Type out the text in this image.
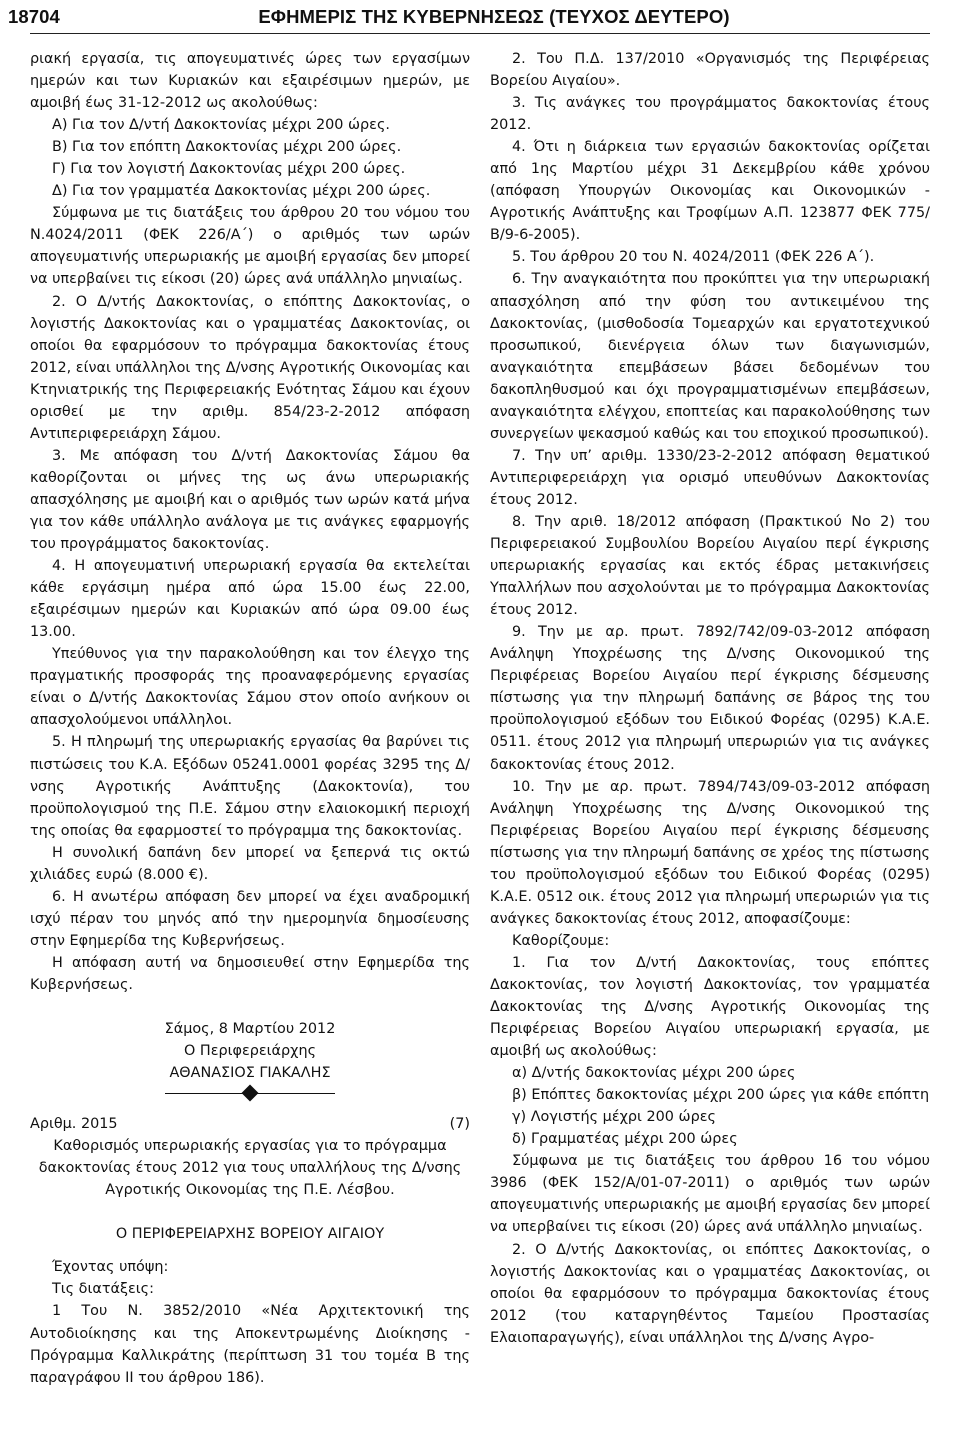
18704	ΕΦΗΜΕΡΙΣ ΤΗΣ ΚΥΒΕΡΝΗΣΕΩΣ (ΤΕΥΧΟΣ ΔΕΥΤΕΡΟ)

ριακή εργασία, τις απογευματινές ώρες των εργασίμων ημερών και των Κυριακών και εξαιρέσιμων ημερών, με αμοιβή έως 31-12-2012 ως ακολούθως:

Α) Για τον Δ/ντή Δακοκτονίας μέχρι 200 ώρες.

Β) Για τον επόπτη Δακοκτονίας μέχρι 200 ώρες.

Γ) Για τον λογιστή Δακοκτονίας μέχρι 200 ώρες.

Δ) Για τον γραμματέα Δακοκτονίας μέχρι 200 ώρες.

Σύμφωνα με τις διατάξεις του άρθρου 20 του νόμου του Ν.4024/2011 (ΦΕΚ 226/Α΄) ο αριθμός των ωρών απογευματινής υπερωριακής με αμοιβή εργασίας δεν μπορεί να υπερβαίνει τις είκοσι (20) ώρες ανά υπάλληλο μηνιαίως.

2. Ο Δ/ντής Δακοκτονίας, ο επόπτης Δακοκτονίας, ο λογιστής Δακοκτονίας και ο γραμματέας Δακοκτονίας, οι οποίοι θα εφαρμόσουν το πρόγραμμα δακοκτονίας έτους 2012, είναι υπάλληλοι της Δ/νσης Αγροτικής Οικονομίας και Κτηνιατρικής της Περιφερειακής Ενότητας Σάμου και έχουν ορισθεί με την αριθμ. 854/23-2-2012 απόφαση Αντιπεριφερειάρχη Σάμου.

3. Με απόφαση του Δ/ντή Δακοκτονίας Σάμου θα καθορίζονται οι μήνες της ως άνω υπερωριακής απασχόλησης με αμοιβή και ο αριθμός των ωρών κατά μήνα για τον κάθε υπάλληλο ανάλογα με τις ανάγκες εφαρμογής του προγράμματος δακοκτονίας.

4. Η απογευματινή υπερωριακή εργασία θα εκτελείται κάθε εργάσιμη ημέρα από ώρα 15.00 έως 22.00, εξαιρέσιμων ημερών και Κυριακών από ώρα 09.00 έως 13.00.

Υπεύθυνος για την παρακολούθηση και τον έλεγχο της πραγματικής προσφοράς της προαναφερόμενης εργασίας είναι ο Δ/ντής Δακοκτονίας Σάμου στον οποίο ανήκουν οι απασχολούμενοι υπάλληλοι.

5. Η πληρωμή της υπερωριακής εργασίας θα βαρύνει τις πιστώσεις του Κ.Α. Εξόδων 05241.0001 φορέας 3295 της Δ/νσης Αγροτικής Ανάπτυξης (Δακοκτονία), του προϋπολογισμού της Π.Ε. Σάμου στην ελαιοκομική περιοχή της οποίας θα εφαρμοστεί το πρόγραμμα της δακοκτονίας.

Η συνολική δαπάνη δεν μπορεί να ξεπερνά τις οκτώ χιλιάδες ευρώ (8.000 €).

6. Η ανωτέρω απόφαση δεν μπορεί να έχει αναδρομική ισχύ πέραν του μηνός από την ημερομηνία δημοσίευσης στην Εφημερίδα της Κυβερνήσεως.

Η απόφαση αυτή να δημοσιευθεί στην Εφημερίδα της Κυβερνήσεως.

Σάμος, 8 Μαρτίου 2012

Ο Περιφερειάρχης

ΑΘΑΝΑΣΙΟΣ ΓΙΑΚΑΛΗΣ

Αριθμ. 2015	(7)

Καθορισμός υπερωριακής εργασίας για το πρόγραμμα δακοκτονίας έτους 2012 για τους υπαλλήλους της Δ/νσης Αγροτικής Οικονομίας της Π.Ε. Λέσβου.

Ο ΠΕΡΙΦΕΡΕΙΑΡΧΗΣ ΒΟΡΕΙΟΥ ΑΙΓΑΙΟΥ

Έχοντας υπόψη:

Τις διατάξεις:

1 Του Ν. 3852/2010 «Νέα Αρχιτεκτονική της Αυτοδιοίκησης και της Αποκεντρωμένης Διοίκησης - Πρόγραμμα Καλλικράτης (περίπτωση 31 του τομέα Β της παραγράφου ΙΙ του άρθρου 186).

2. Του Π.Δ. 137/2010 «Οργανισμός της Περιφέρειας Βορείου Αιγαίου».

3. Τις ανάγκες του προγράμματος δακοκτονίας έτους 2012.

4. Ότι η διάρκεια των εργασιών δακοκτονίας ορίζεται από 1ης Μαρτίου μέχρι 31 Δεκεμβρίου κάθε χρόνου (απόφαση Υπουργών Οικονομίας και Οικονομικών - Αγροτικής Ανάπτυξης και Τροφίμων Α.Π. 123877 ΦΕΚ 775/Β/9-6-2005).

5. Του άρθρου 20 του Ν. 4024/2011 (ΦΕΚ 226 Α΄).

6. Την αναγκαιότητα που προκύπτει για την υπερωριακή απασχόληση από την φύση του αντικειμένου της Δακοκτονίας, (μισθοδοσία Τομεαρχών και εργατοτεχνικού προσωπικού, διενέργεια όλων των διαγωνισμών, αναγκαιότητα επεμβάσεων βάσει δεδομένων του δακοπληθυσμού και όχι προγραμματισμένων επεμβάσεων, αναγκαιότητα ελέγχου, εποπτείας και παρακολούθησης των συνεργείων ψεκασμού καθώς και του εποχικού προσωπικού).

7. Την υπ’ αριθμ. 1330/23-2-2012 απόφαση θεματικού Αντιπεριφερειάρχη για ορισμό υπευθύνων Δακοκτονίας έτους 2012.

8. Την αριθ. 18/2012 απόφαση (Πρακτικού Νο 2) του Περιφερειακού Συμβουλίου Βορείου Αιγαίου περί έγκρισης υπερωριακής εργασίας και εκτός έδρας μετακινήσεις Υπαλλήλων που ασχολούνται με το πρόγραμμα Δακοκτονίας έτους 2012.

9. Την με αρ. πρωτ. 7892/742/09-03-2012 απόφαση Ανάληψη Υποχρέωσης της Δ/νσης Οικονομικού της Περιφέρειας Βορείου Αιγαίου περί έγκρισης δέσμευσης πίστωσης για την πληρωμή δαπάνης σε βάρος της του προϋπολογισμού εξόδων του Ειδικού Φορέας (0295) Κ.Α.Ε. 0511. έτους 2012 για πληρωμή υπερωριών για τις ανάγκες δακοκτονίας έτους 2012.

10. Την με αρ. πρωτ. 7894/743/09-03-2012 απόφαση Ανάληψη Υποχρέωσης της Δ/νσης Οικονομικού της Περιφέρειας Βορείου Αιγαίου περί έγκρισης δέσμευσης πίστωσης για την πληρωμή δαπάνης σε χρέος της πίστωσης του προϋπολογισμού εξόδων του Ειδικού Φορέας (0295) Κ.Α.Ε. 0512 οικ. έτους 2012 για πληρωμή υπερωριών για τις ανάγκες δακοκτονίας έτους 2012, αποφασίζουμε:

Καθορίζουμε:

1. Για τον Δ/ντή Δακοκτονίας, τους επόπτες Δακοκτονίας, τον λογιστή Δακοκτονίας, τον γραμματέα Δακοκτονίας της Δ/νσης Αγροτικής Οικονομίας της Περιφέρειας Βορείου Αιγαίου υπερωριακή εργασία, με αμοιβή ως ακολούθως:

α) Δ/ντής δακοκτονίας μέχρι 200 ώρες

β) Επόπτες δακοκτονίας μέχρι 200 ώρες για κάθε επόπτη

γ) Λογιστής μέχρι 200 ώρες

δ) Γραμματέας μέχρι 200 ώρες

Σύμφωνα με τις διατάξεις του άρθρου 16 του νόμου 3986 (ΦΕΚ 152/Α/01-07-2011) ο αριθμός των ωρών απογευματινής υπερωριακής με αμοιβή εργασίας δεν μπορεί να υπερβαίνει τις είκοσι (20) ώρες ανά υπάλληλο μηνιαίως.

2. Ο Δ/ντής Δακοκτονίας, οι επόπτες Δακοκτονίας, ο λογιστής Δακοκτονίας και ο γραμματέας Δακοκτονίας, οι οποίοι θα εφαρμόσουν το πρόγραμμα δακοκτονίας έτους 2012 (του καταργηθέντος Ταμείου Προστασίας Ελαιοπαραγωγής), είναι υπάλληλοι της Δ/νσης Αγρο-
